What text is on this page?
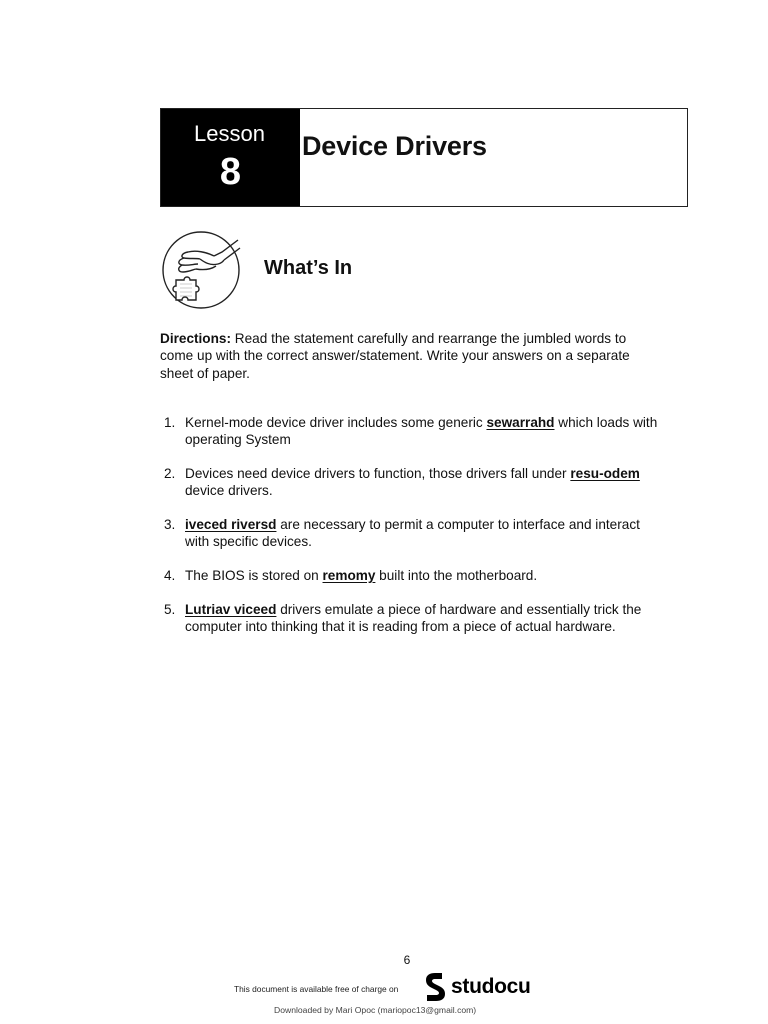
Lesson
8
Device Drivers
What’s In
Directions: Read the statement carefully and rearrange the jumbled words to come up with the correct answer/statement. Write your answers on a separate sheet of paper.
1. Kernel-mode device driver includes some generic sewarrahd which loads with operating System
2. Devices need device drivers to function, those drivers fall under resu-odem device drivers.
3. iveced riversd are necessary to permit a computer to interface and interact with specific devices.
4. The BIOS is stored on remomy built into the motherboard.
5. Lutriav viceed drivers emulate a piece of hardware and essentially trick the computer into thinking that it is reading from a piece of actual hardware.
6
This document is available free of charge on	studocu
Downloaded by Mari Opoc (mariopoc13@gmail.com)
